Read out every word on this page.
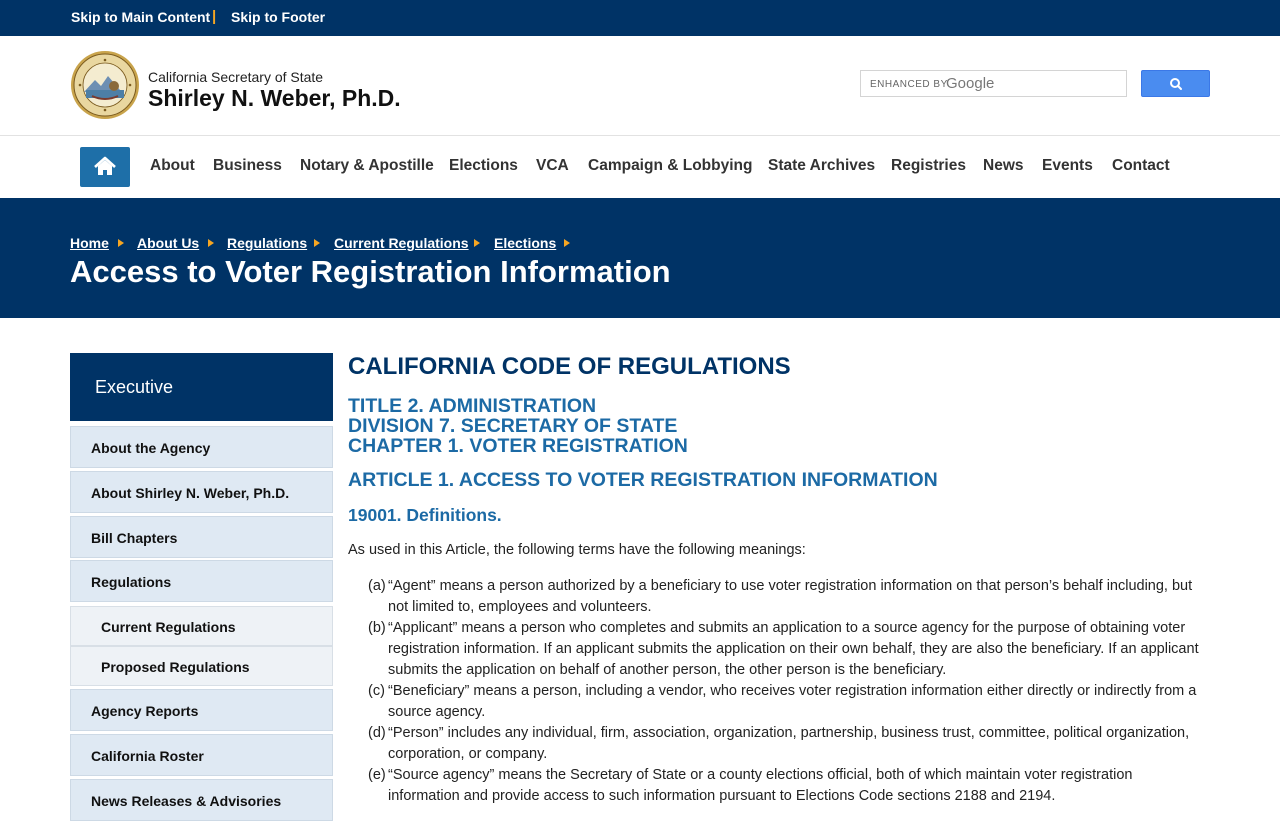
Skip to Main Content | Skip to Footer
California Secretary of State
Shirley N. Weber, Ph.D.
ENHANCED BY
Google
About Business Notary & Apostille Elections VCA Campaign & Lobbying State Archives Registries News Events Contact
Home About Us Regulations Current Regulations Elections
Access to Voter Registration Information
Executive
About the Agency
About Shirley N. Weber, Ph.D.
Bill Chapters
Regulations
Current Regulations
Proposed Regulations
Agency Reports
California Roster
News Releases & Advisories
CALIFORNIA CODE OF REGULATIONS
TITLE 2. ADMINISTRATION
DIVISION 7. SECRETARY OF STATE
CHAPTER 1. VOTER REGISTRATION
ARTICLE 1. ACCESS TO VOTER REGISTRATION INFORMATION
19001. Definitions.

As used in this Article, the following terms have the following meanings:

(a) “Agent” means a person authorized by a beneficiary to use voter registration information on that person’s behalf including, but not limited to, employees and volunteers.
(b) “Applicant” means a person who completes and submits an application to a source agency for the purpose of obtaining voter registration information. If an applicant submits the application on their own behalf, they are also the beneficiary. If an applicant submits the application on behalf of another person, the other person is the beneficiary.
(c) “Beneficiary” means a person, including a vendor, who receives voter registration information either directly or indirectly from a source agency.
(d) “Person” includes any individual, firm, association, organization, partnership, business trust, committee, political organization, corporation, or company.
(e) “Source agency” means the Secretary of State or a county elections official, both of which maintain voter registration information and provide access to such information pursuant to Elections Code sections 2188 and 2194.
